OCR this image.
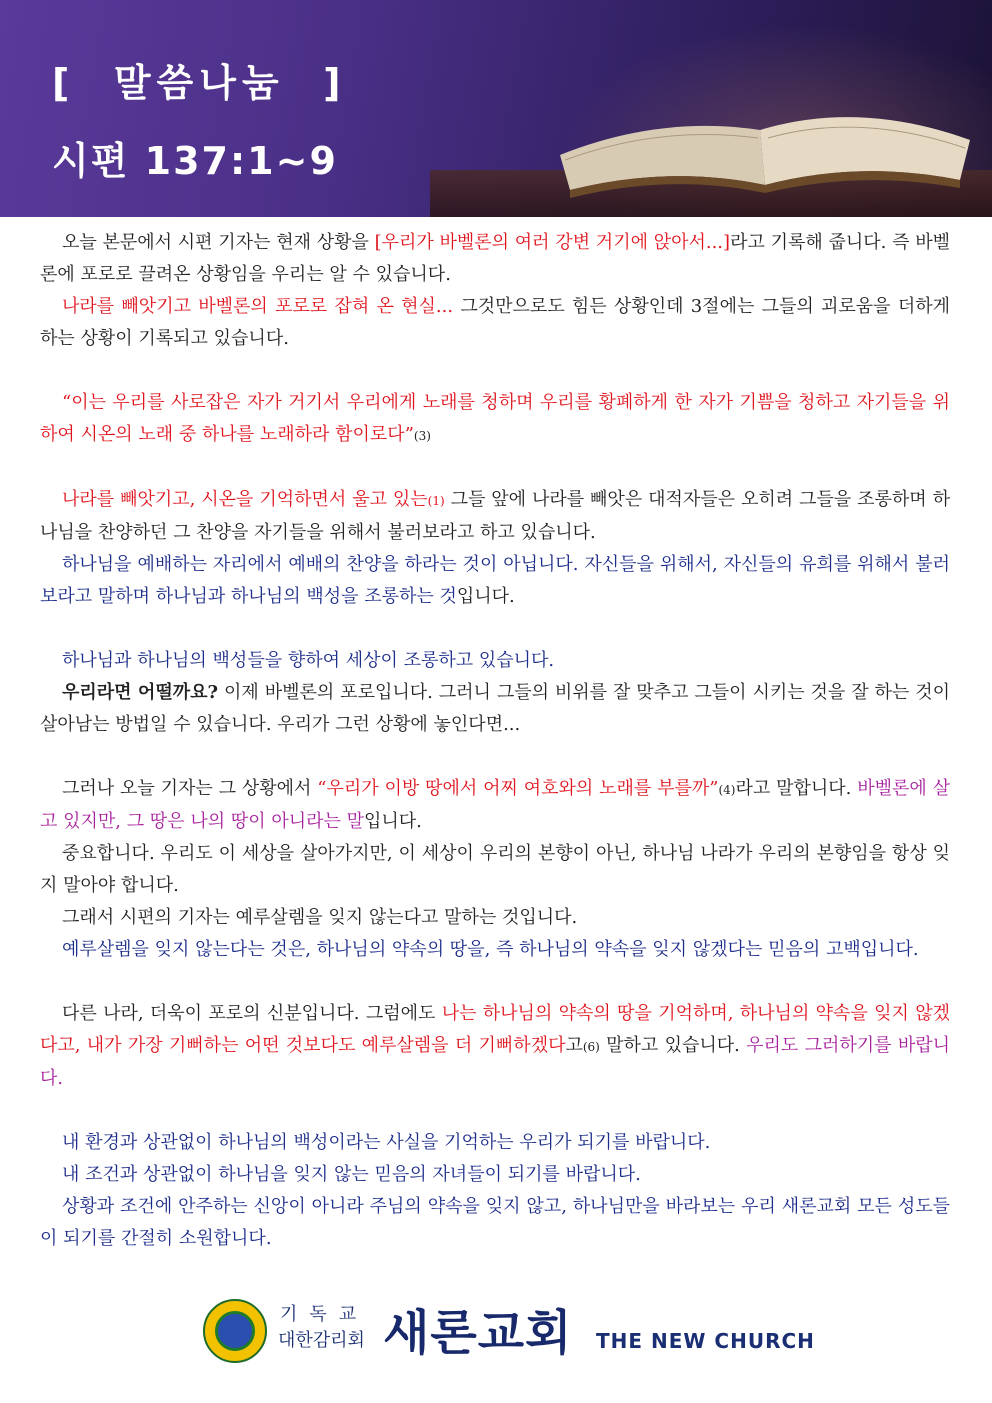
[  말씀나눔  ]
시편 137:1~9

오늘 본문에서 시편 기자는 현재 상황을 [우리가 바벨론의 여러 강변 거기에 앉아서...]라고 기록해 줍니다. 즉 바벨론에 포로로 끌려온 상황임을 우리는 알 수 있습니다.

나라를 빼앗기고 바벨론의 포로로 잡혀 온 현실... 그것만으로도 힘든 상황인데 3절에는 그들의 괴로움을 더하게 하는 상황이 기록되고 있습니다.

“이는 우리를 사로잡은 자가 거기서 우리에게 노래를 청하며 우리를 황폐하게 한 자가 기쁨을 청하고 자기들을 위하여 시온의 노래 중 하나를 노래하라 함이로다”(3)

나라를 빼앗기고, 시온을 기억하면서 울고 있는(1) 그들 앞에 나라를 빼앗은 대적자들은 오히려 그들을 조롱하며 하나님을 찬양하던 그 찬양을 자기들을 위해서 불러보라고 하고 있습니다.

하나님을 예배하는 자리에서 예배의 찬양을 하라는 것이 아닙니다. 자신들을 위해서, 자신들의 유희를 위해서 불러보라고 말하며 하나님과 하나님의 백성을 조롱하는 것입니다.

하나님과 하나님의 백성들을 향하여 세상이 조롱하고 있습니다.

우리라면 어떨까요? 이제 바벨론의 포로입니다. 그러니 그들의 비위를 잘 맞추고 그들이 시키는 것을 잘 하는 것이 살아남는 방법일 수 있습니다. 우리가 그런 상황에 놓인다면...

그러나 오늘 기자는 그 상황에서 “우리가 이방 땅에서 어찌 여호와의 노래를 부를까”(4)라고 말합니다. 바벨론에 살고 있지만, 그 땅은 나의 땅이 아니라는 말입니다.

중요합니다. 우리도 이 세상을 살아가지만, 이 세상이 우리의 본향이 아닌, 하나님 나라가 우리의 본향임을 항상 잊지 말아야 합니다.

그래서 시편의 기자는 예루살렘을 잊지 않는다고 말하는 것입니다.

예루살렘을 잊지 않는다는 것은, 하나님의 약속의 땅을, 즉 하나님의 약속을 잊지 않겠다는 믿음의 고백입니다.

다른 나라, 더욱이 포로의 신분입니다. 그럼에도 나는 하나님의 약속의 땅을 기억하며, 하나님의 약속을 잊지 않겠다고, 내가 가장 기뻐하는 어떤 것보다도 예루살렘을 더 기뻐하겠다고(6) 말하고 있습니다. 우리도 그러하기를 바랍니다.

내 환경과 상관없이 하나님의 백성이라는 사실을 기억하는 우리가 되기를 바랍니다.

내 조건과 상관없이 하나님을 잊지 않는 믿음의 자녀들이 되기를 바랍니다.

상황과 조건에 안주하는 신앙이 아니라 주님의 약속을 잊지 않고, 하나님만을 바라보는 우리 새론교회 모든 성도들이 되기를 간절히 소원합니다.

기독교
대한감리회 새론교회 THE NEW CHURCH
